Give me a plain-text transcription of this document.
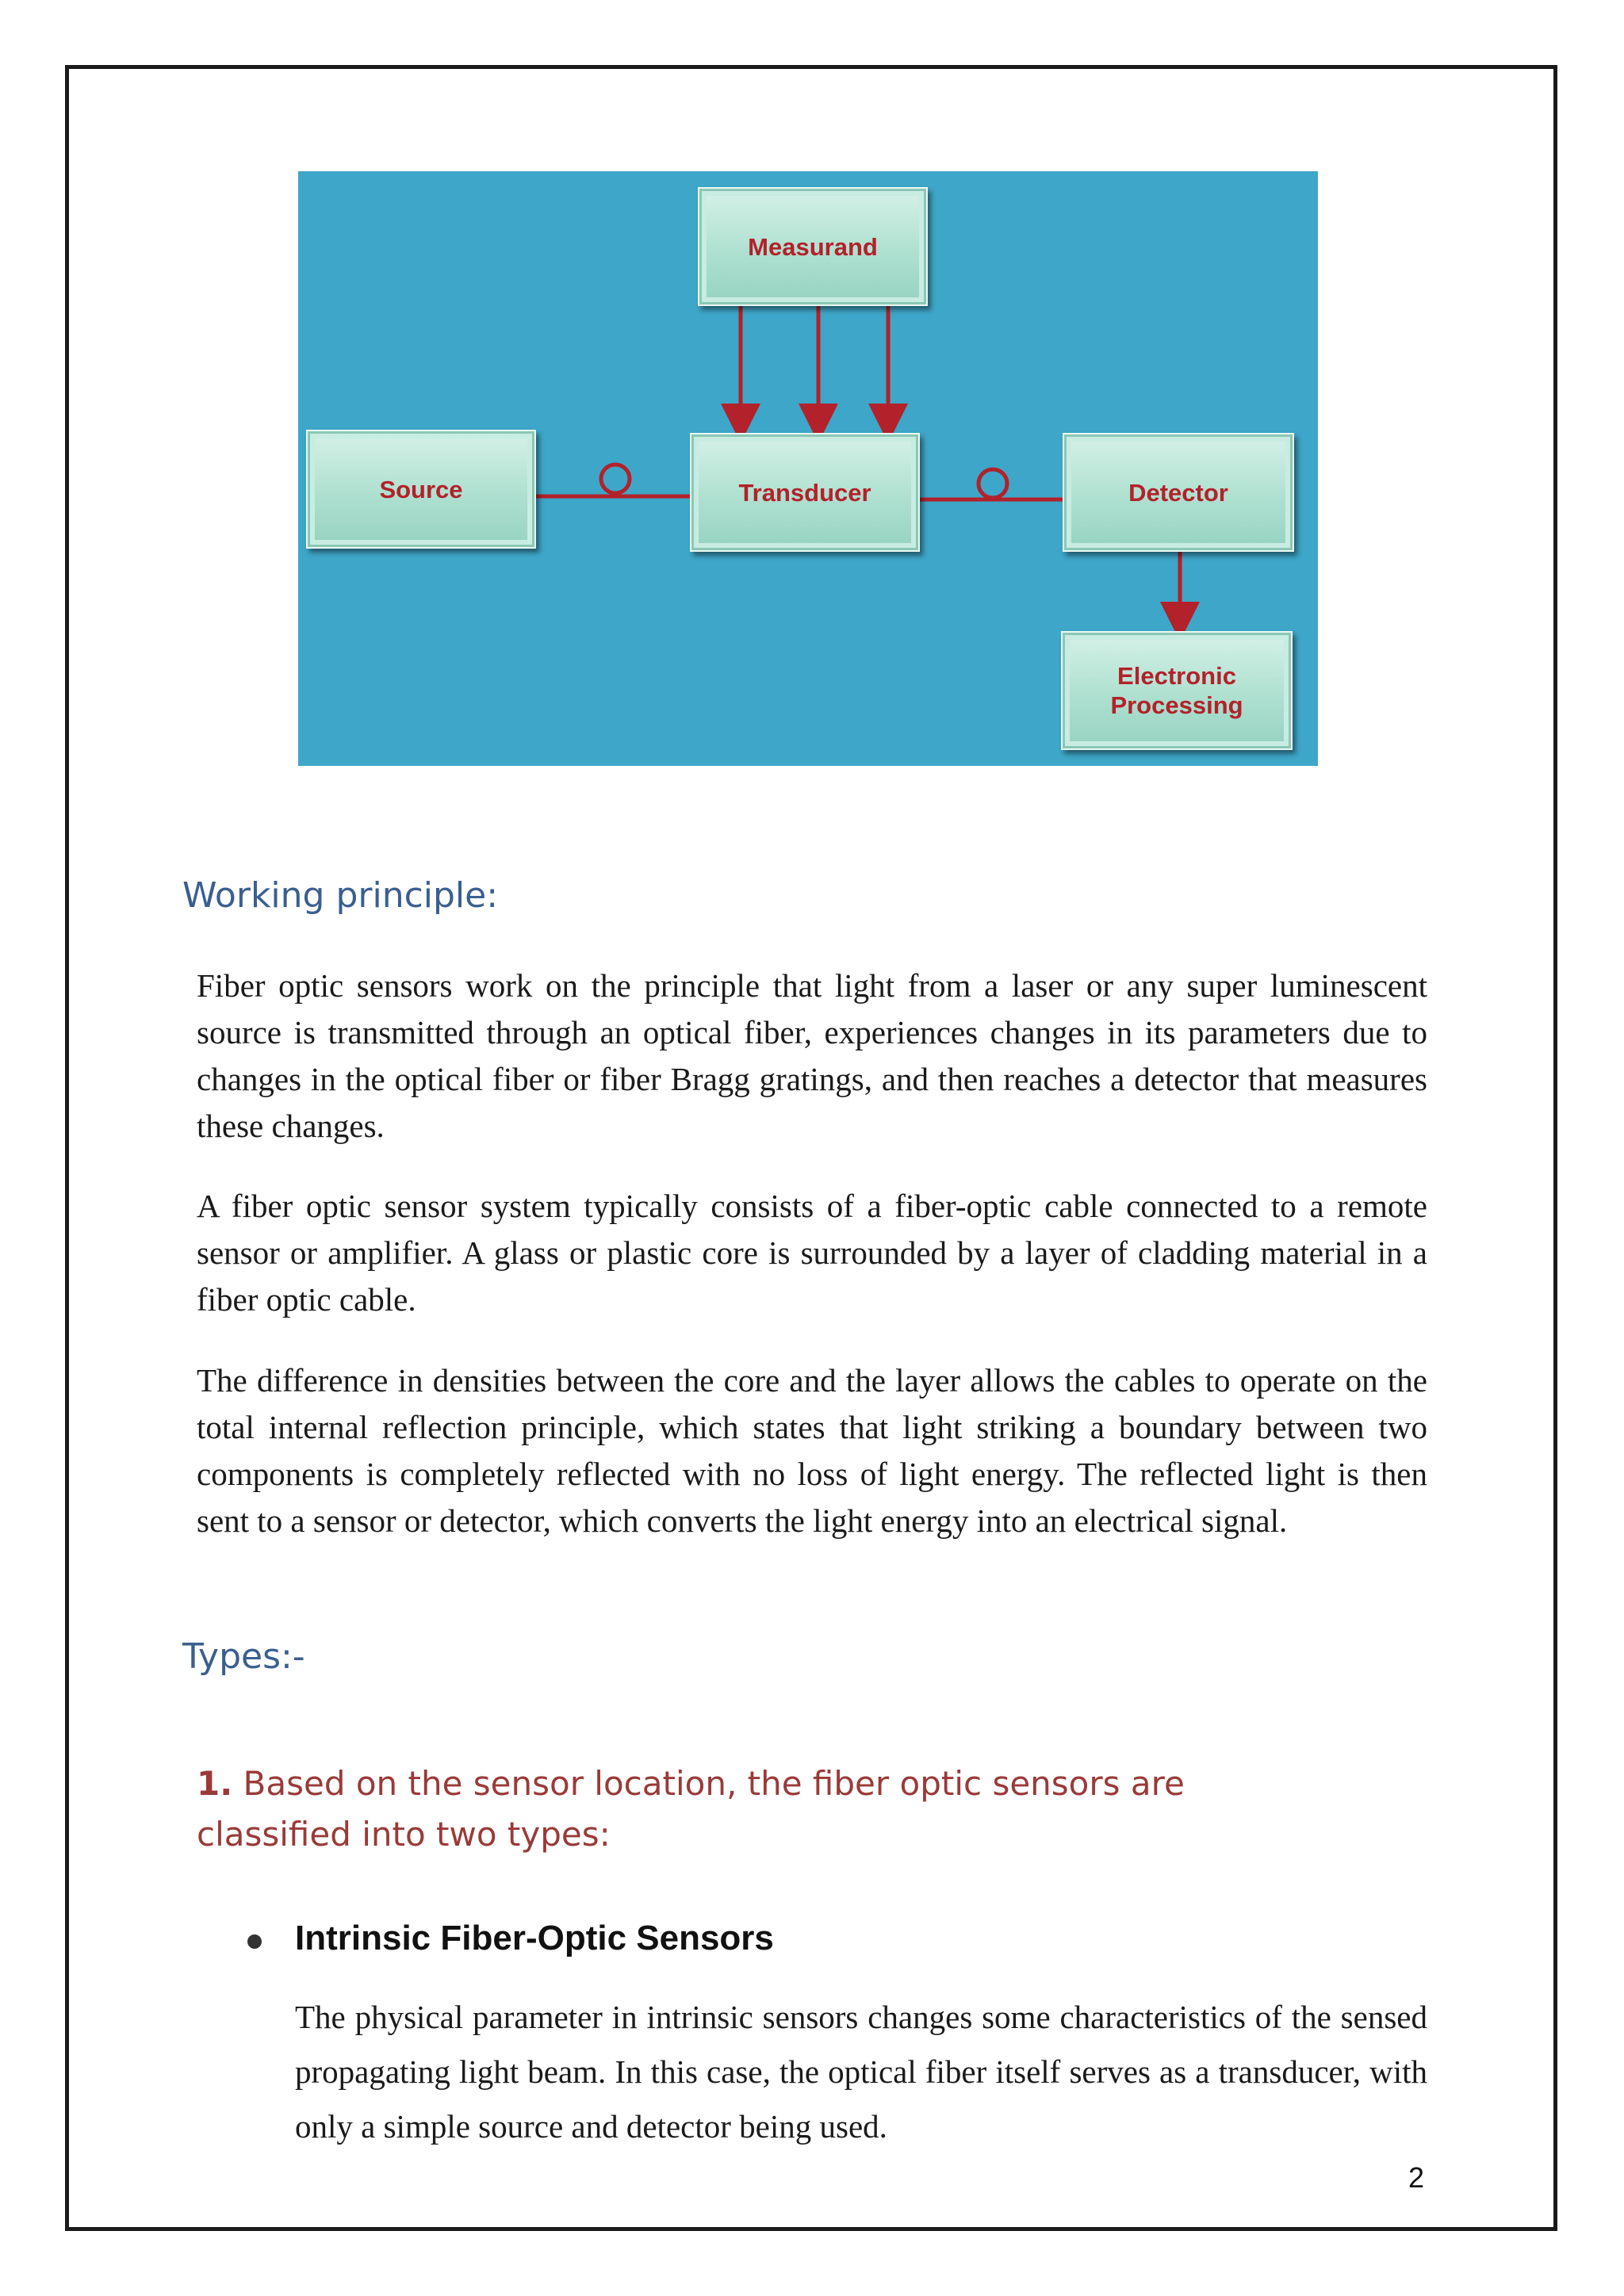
Measurand
Source	Transducer	Detector
Electronic
Processing
Working principle:

Fiber optic sensors work on the principle that light from a laser or any super luminescent source is transmitted through an optical fiber, experiences changes in its parameters due to changes in the optical fiber or fiber Bragg gratings, and then reaches a detector that measures these changes.

A fiber optic sensor system typically consists of a fiber-optic cable connected to a remote sensor or amplifier. A glass or plastic core is surrounded by a layer of cladding material in a fiber optic cable.

The difference in densities between the core and the layer allows the cables to operate on the total internal reflection principle, which states that light striking a boundary between two components is completely reflected with no loss of light energy. The reflected light is then sent to a sensor or detector, which converts the light energy into an electrical signal.

Types:-
1. Based on the sensor location, the fiber optic sensors are classified into two types:
Intrinsic Fiber-Optic Sensors

The physical parameter in intrinsic sensors changes some characteristics of the sensed propagating light beam. In this case, the optical fiber itself serves as a transducer, with only a simple source and detector being used.

2
